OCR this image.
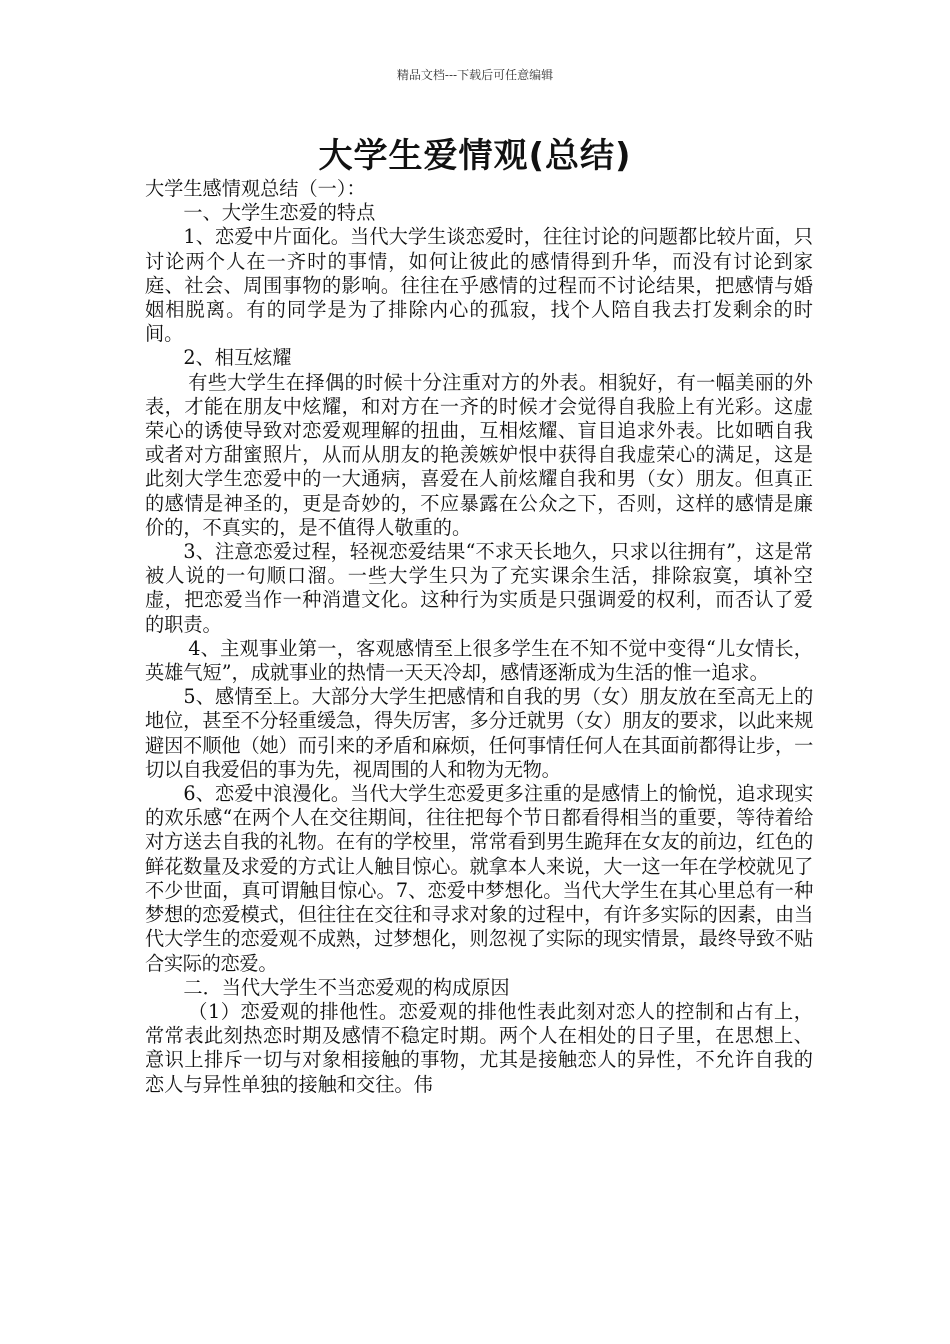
精品文档---下载后可任意编辑
大学生爱情观(总结)

大学生感情观总结（一）：

一、大学生恋爱的特点

1、恋爱中片面化。当代大学生谈恋爱时，往往讨论的问题都比较片面，只讨论两个人在一齐时的事情，如何让彼此的感情得到升华，而没有讨论到家庭、社会、周围事物的影响。往往在乎感情的过程而不讨论结果，把感情与婚姻相脱离。有的同学是为了排除内心的孤寂，找个人陪自我去打发剩余的时间。

2、相互炫耀

有些大学生在择偶的时候十分注重对方的外表。相貌好，有一幅美丽的外表，才能在朋友中炫耀，和对方在一齐的时候才会觉得自我脸上有光彩。这虚荣心的诱使导致对恋爱观理解的扭曲，互相炫耀、盲目追求外表。比如晒自我或者对方甜蜜照片，从而从朋友的艳羡嫉妒恨中获得自我虚荣心的满足，这是此刻大学生恋爱中的一大通病，喜爱在人前炫耀自我和男（女）朋友。但真正的感情是神圣的，更是奇妙的，不应暴露在公众之下，否则，这样的感情是廉价的，不真实的，是不值得人敬重的。

3、注意恋爱过程，轻视恋爱结果“不求天长地久，只求以往拥有”，这是常被人说的一句顺口溜。一些大学生只为了充实课余生活，排除寂寞，填补空虚，把恋爱当作一种消遣文化。这种行为实质是只强调爱的权利，而否认了爱的职责。

4、主观事业第一，客观感情至上很多学生在不知不觉中变得“儿女情长，英雄气短”，成就事业的热情一天天冷却，感情逐渐成为生活的惟一追求。

5、感情至上。大部分大学生把感情和自我的男（女）朋友放在至高无上的地位，甚至不分轻重缓急，得失厉害，多分迁就男（女）朋友的要求，以此来规避因不顺他（她）而引来的矛盾和麻烦，任何事情任何人在其面前都得让步，一切以自我爱侣的事为先，视周围的人和物为无物。

6、恋爱中浪漫化。当代大学生恋爱更多注重的是感情上的愉悦，追求现实的欢乐感“在两个人在交往期间，往往把每个节日都看得相当的重要，等待着给对方送去自我的礼物。在有的学校里，常常看到男生跪拜在女友的前边，红色的鲜花数量及求爱的方式让人触目惊心。就拿本人来说，大一这一年在学校就见了不少世面，真可谓触目惊心。7、恋爱中梦想化。当代大学生在其心里总有一种梦想的恋爱模式，但往往在交往和寻求对象的过程中，有许多实际的因素，由当代大学生的恋爱观不成熟，过梦想化，则忽视了实际的现实情景，最终导致不贴合实际的恋爱。

二．当代大学生不当恋爱观的构成原因

（1）恋爱观的排他性。恋爱观的排他性表此刻对恋人的控制和占有上，常常表此刻热恋时期及感情不稳定时期。两个人在相处的日子里，在思想上、意识上排斥一切与对象相接触的事物，尤其是接触恋人的异性，不允许自我的恋人与异性单独的接触和交往。伟
